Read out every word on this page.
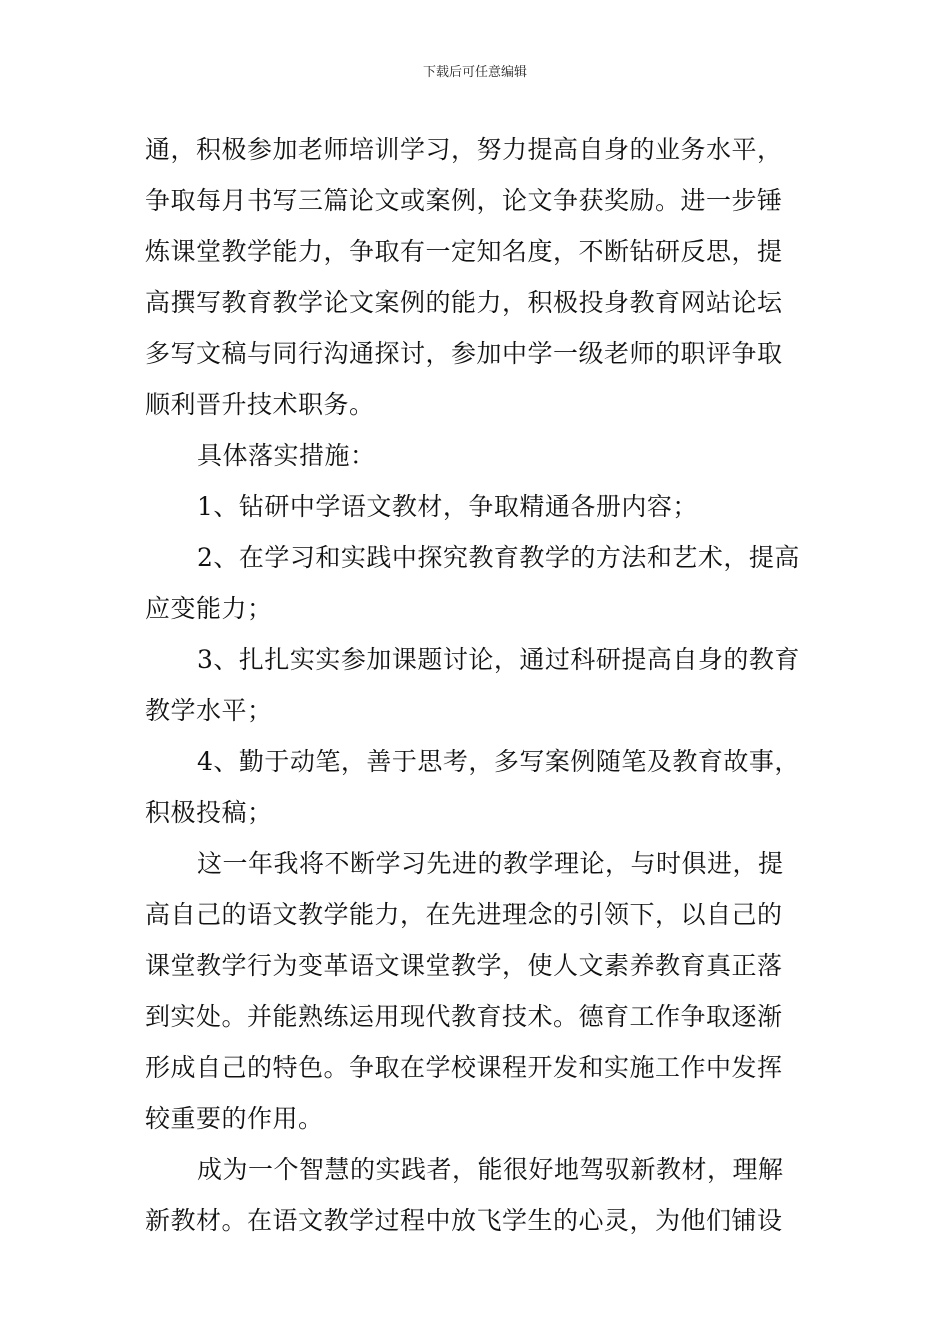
下载后可任意编辑
通，积极参加老师培训学习，努力提高自身的业务水平，
争取每月书写三篇论文或案例，论文争获奖励。进一步锤
炼课堂教学能力，争取有一定知名度，不断钻研反思，提
高撰写教育教学论文案例的能力，积极投身教育网站论坛
多写文稿与同行沟通探讨，参加中学一级老师的职评争取
顺利晋升技术职务。
具体落实措施：
1、钻研中学语文教材，争取精通各册内容；
2、在学习和实践中探究教育教学的方法和艺术，提高
应变能力；
3、扎扎实实参加课题讨论，通过科研提高自身的教育
教学水平；
4、勤于动笔，善于思考，多写案例随笔及教育故事，
积极投稿；
这一年我将不断学习先进的教学理论，与时俱进，提
高自己的语文教学能力，在先进理念的引领下，以自己的
课堂教学行为变革语文课堂教学，使人文素养教育真正落
到实处。并能熟练运用现代教育技术。德育工作争取逐渐
形成自己的特色。争取在学校课程开发和实施工作中发挥
较重要的作用。
成为一个智慧的实践者，能很好地驾驭新教材，理解
新教材。在语文教学过程中放飞学生的心灵，为他们铺设
